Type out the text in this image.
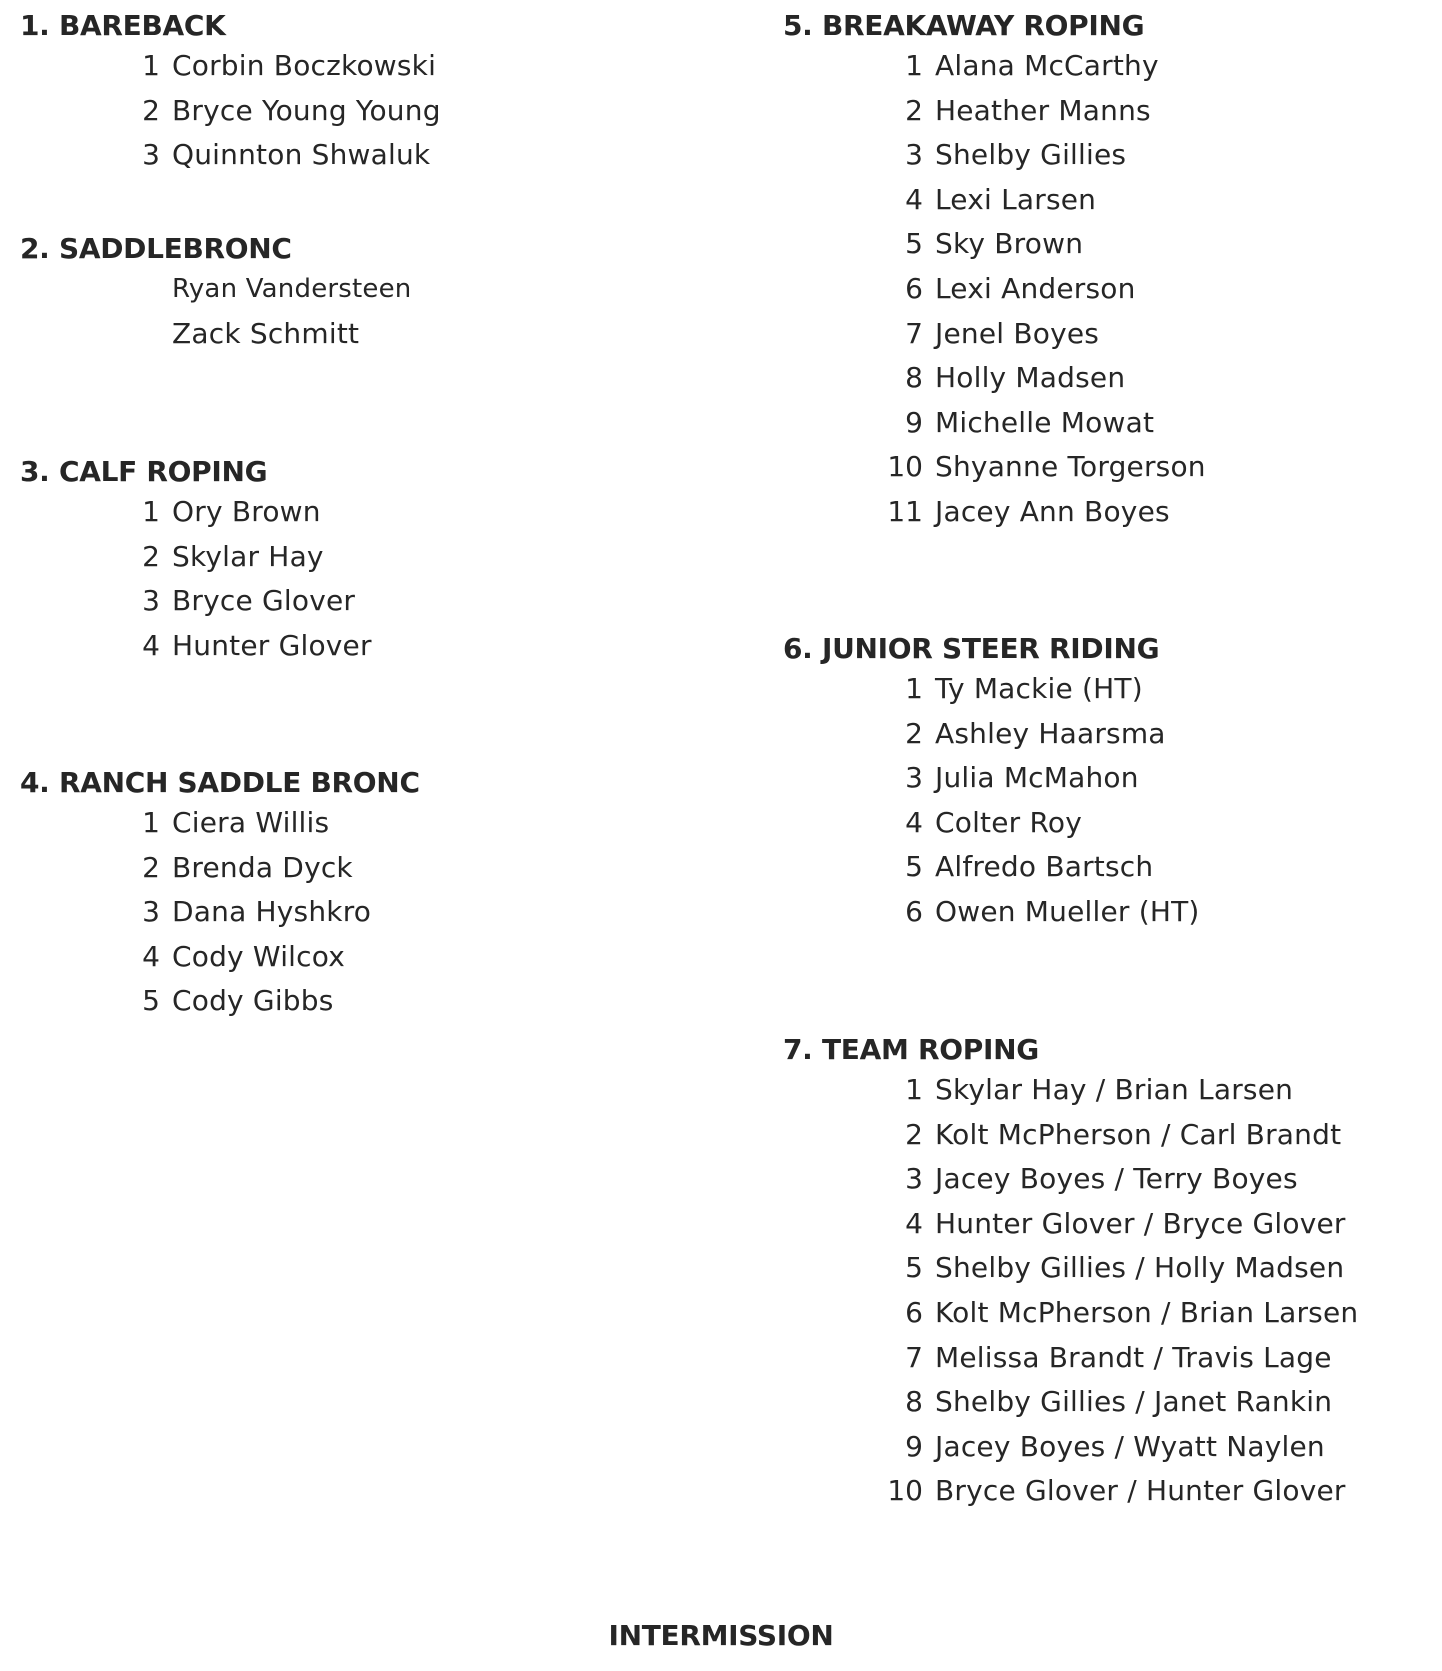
1. BAREBACK
1 Corbin Boczkowski
2 Bryce Young Young
3 Quinnton Shwaluk
2. SADDLEBRONC
Ryan Vandersteen
Zack Schmitt
3. CALF ROPING
1 Ory Brown
2 Skylar Hay
3 Bryce Glover
4 Hunter Glover
4. RANCH SADDLE BRONC
1 Ciera Willis
2 Brenda Dyck
3 Dana Hyshkro
4 Cody Wilcox
5 Cody Gibbs
5. BREAKAWAY ROPING
1 Alana McCarthy
2 Heather Manns
3 Shelby Gillies
4 Lexi Larsen
5 Sky Brown
6 Lexi Anderson
7 Jenel Boyes
8 Holly Madsen
9 Michelle Mowat
10 Shyanne Torgerson
11 Jacey Ann Boyes
6. JUNIOR STEER RIDING
1 Ty Mackie (HT)
2 Ashley Haarsma
3 Julia McMahon
4 Colter Roy
5 Alfredo Bartsch
6 Owen Mueller (HT)
7. TEAM ROPING
1 Skylar Hay / Brian Larsen
2 Kolt McPherson / Carl Brandt
3 Jacey Boyes / Terry Boyes
4 Hunter Glover / Bryce Glover
5 Shelby Gillies / Holly Madsen
6 Kolt McPherson / Brian Larsen
7 Melissa Brandt / Travis Lage
8 Shelby Gillies / Janet Rankin
9 Jacey Boyes / Wyatt Naylen
10 Bryce Glover / Hunter Glover
INTERMISSION
